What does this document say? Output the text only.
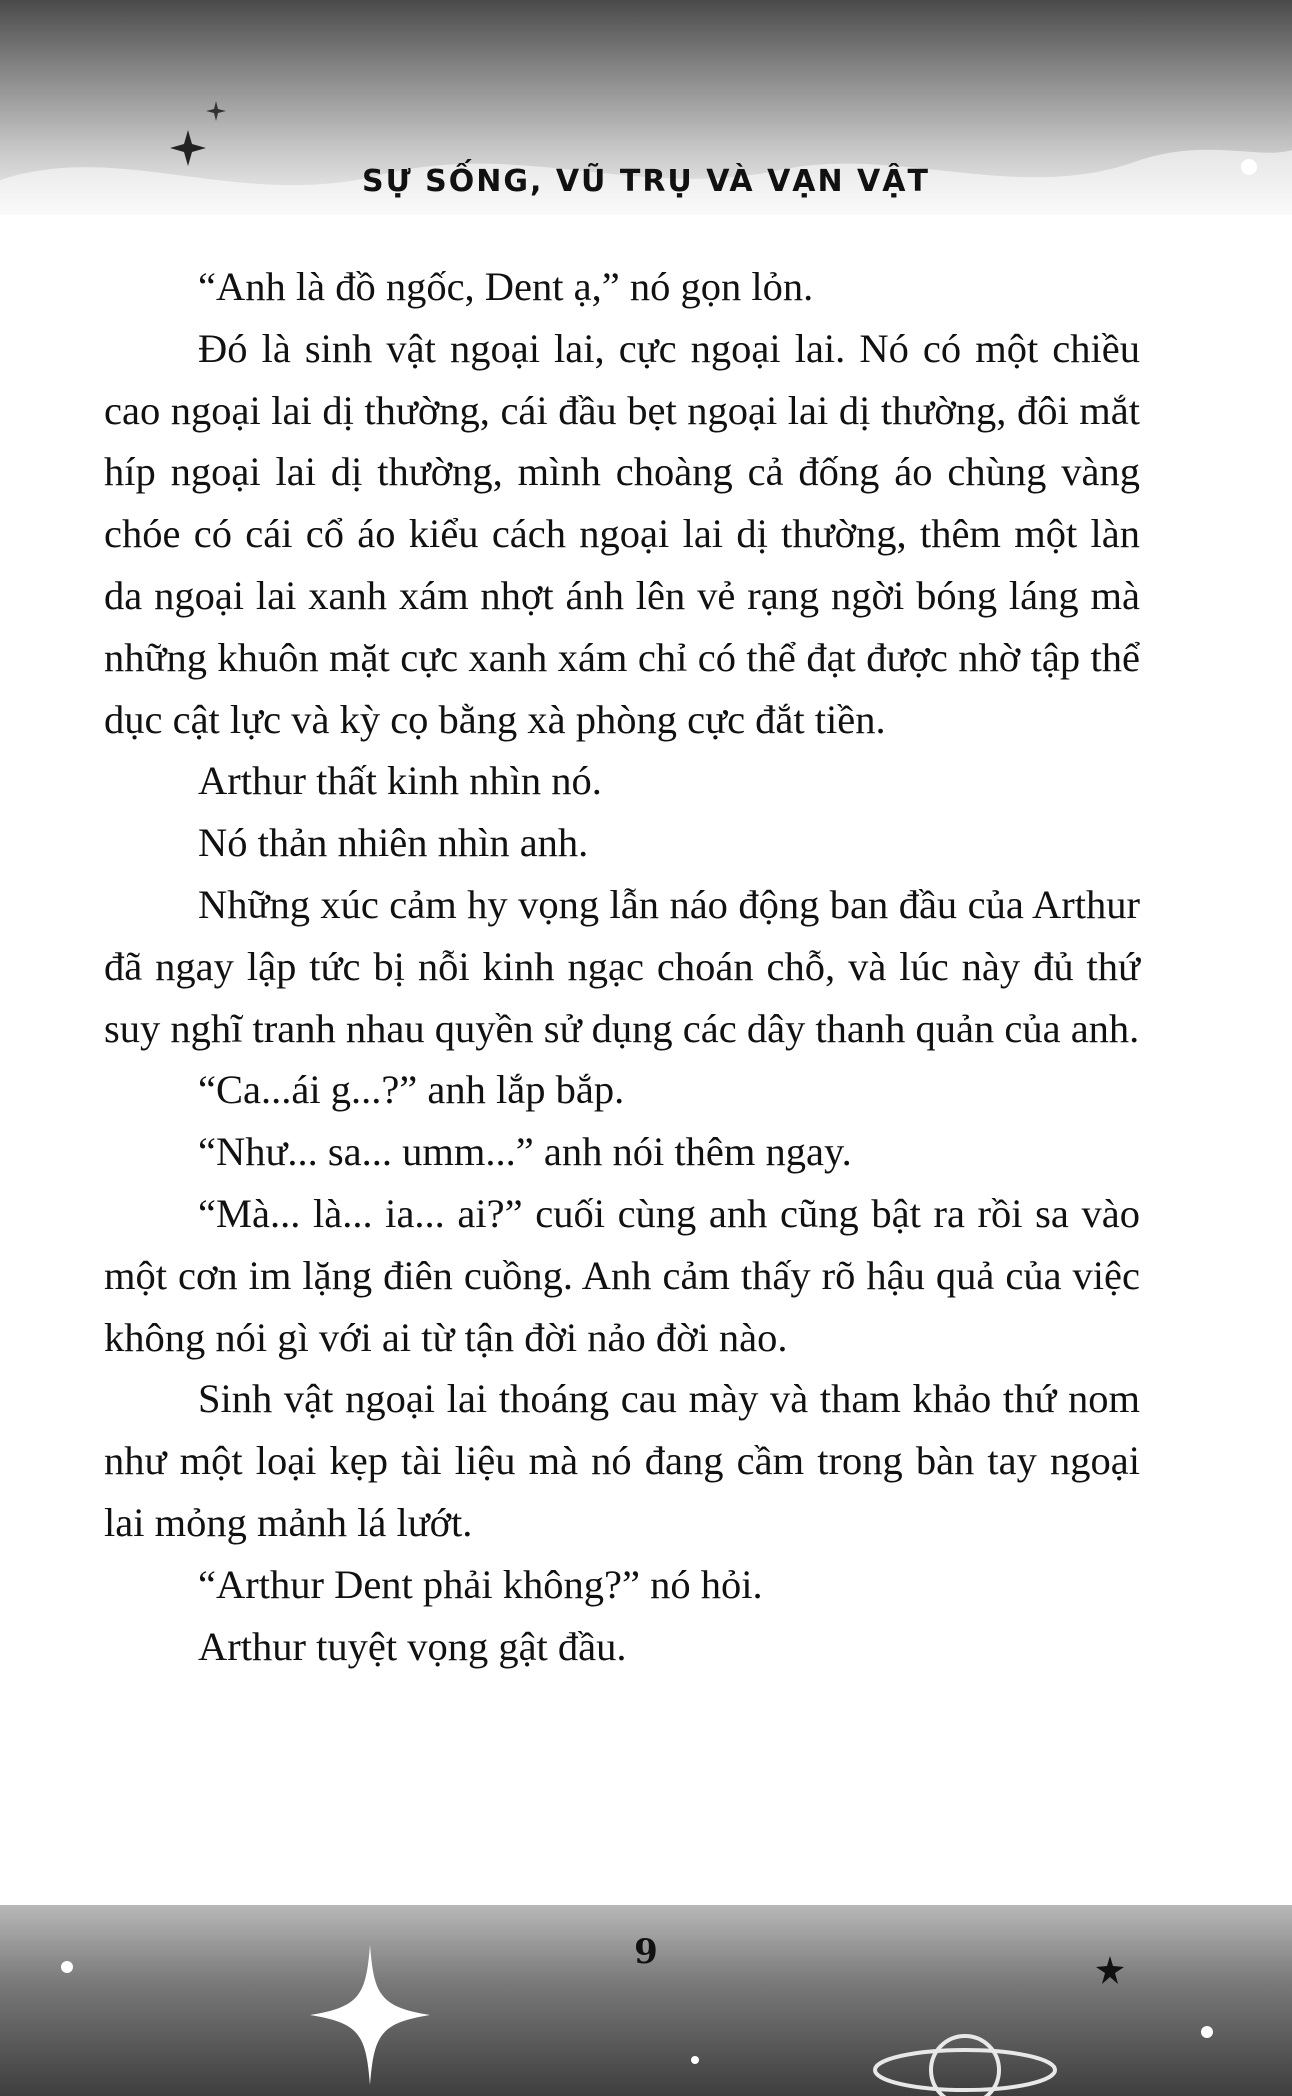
SỰ SỐNG, VŨ TRỤ VÀ VẠN VẬT

“Anh là đồ ngốc, Dent ạ,” nó gọn lỏn.

Đó là sinh vật ngoại lai, cực ngoại lai. Nó có một chiều cao ngoại lai dị thường, cái đầu bẹt ngoại lai dị thường, đôi mắt híp ngoại lai dị thường, mình choàng cả đống áo chùng vàng chóe có cái cổ áo kiểu cách ngoại lai dị thường, thêm một làn da ngoại lai xanh xám nhợt ánh lên vẻ rạng ngời bóng láng mà những khuôn mặt cực xanh xám chỉ có thể đạt được nhờ tập thể dục cật lực và kỳ cọ bằng xà phòng cực đắt tiền.

Arthur thất kinh nhìn nó.

Nó thản nhiên nhìn anh.

Những xúc cảm hy vọng lẫn náo động ban đầu của Arthur đã ngay lập tức bị nỗi kinh ngạc choán chỗ, và lúc này đủ thứ suy nghĩ tranh nhau quyền sử dụng các dây thanh quản của anh.

“Ca...ái g...?” anh lắp bắp.

“Như... sa... umm...” anh nói thêm ngay.

“Mà... là... ia... ai?” cuối cùng anh cũng bật ra rồi sa vào một cơn im lặng điên cuồng. Anh cảm thấy rõ hậu quả của việc không nói gì với ai từ tận đời nảo đời nào.

Sinh vật ngoại lai thoáng cau mày và tham khảo thứ nom như một loại kẹp tài liệu mà nó đang cầm trong bàn tay ngoại lai mỏng mảnh lá lướt.

“Arthur Dent phải không?” nó hỏi.

Arthur tuyệt vọng gật đầu.

9
